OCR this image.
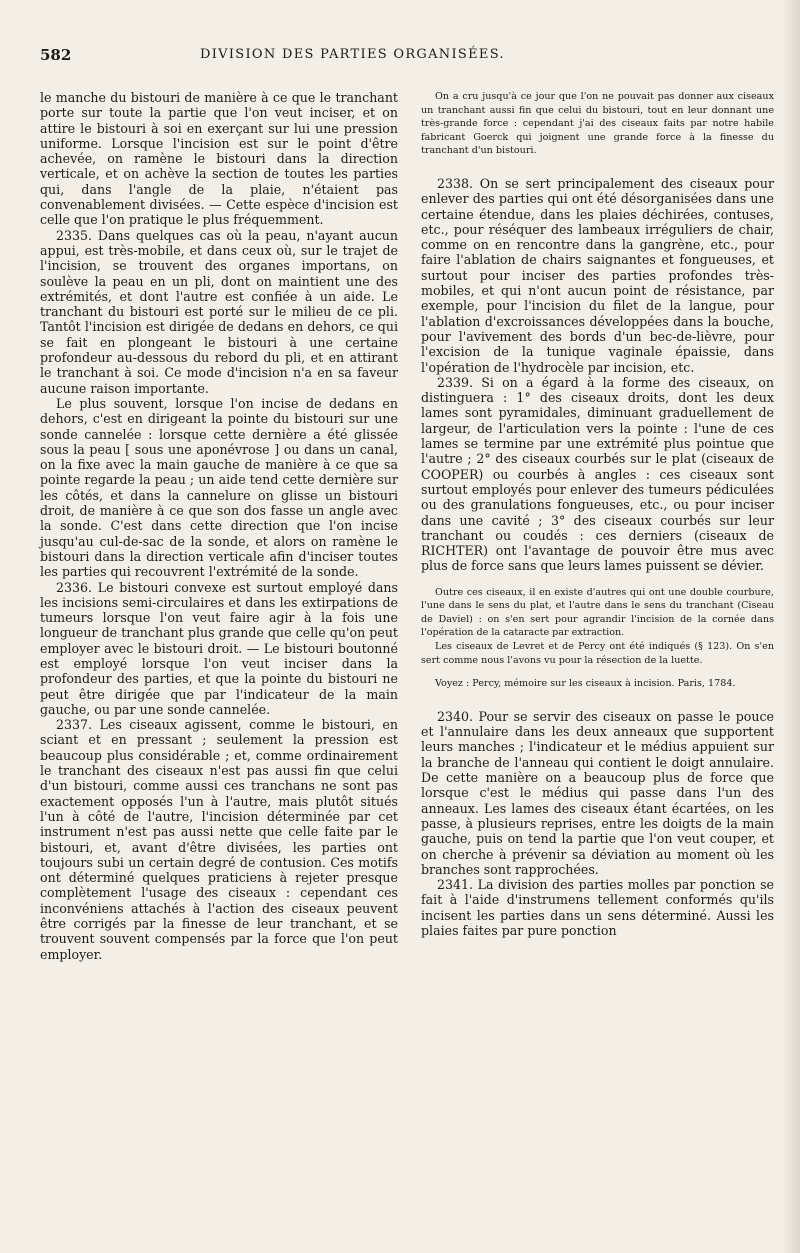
582	DIVISION DES PARTIES ORGANISÉES.

le manche du bistouri de manière à ce que le tranchant porte sur toute la partie que l'on veut inciser, et on attire le bistouri à soi en exerçant sur lui une pression uniforme. Lorsque l'incision est sur le point d'être achevée, on ramène le bistouri dans la direction verticale, et on achève la section de toutes les parties qui, dans l'angle de la plaie, n'étaient pas convenablement divisées. — Cette espèce d'incision est celle que l'on pratique le plus fréquemment.

2335. Dans quelques cas où la peau, n'ayant aucun appui, est très-mobile, et dans ceux où, sur le trajet de l'incision, se trouvent des organes importans, on soulève la peau en un pli, dont on maintient une des extrémités, et dont l'autre est confiée à un aide. Le tranchant du bistouri est porté sur le milieu de ce pli. Tantôt l'incision est dirigée de dedans en dehors, ce qui se fait en plongeant le bistouri à une certaine profondeur au-dessous du rebord du pli, et en attirant le tranchant à soi. Ce mode d'incision n'a en sa faveur aucune raison importante.

Le plus souvent, lorsque l'on incise de dedans en dehors, c'est en dirigeant la pointe du bistouri sur une sonde cannelée : lorsque cette dernière a été glissée sous la peau [ sous une aponévrose ] ou dans un canal, on la fixe avec la main gauche de manière à ce que sa pointe regarde la peau ; un aide tend cette dernière sur les côtés, et dans la cannelure on glisse un bistouri droit, de manière à ce que son dos fasse un angle avec la sonde. C'est dans cette direction que l'on incise jusqu'au cul-de-sac de la sonde, et alors on ramène le bistouri dans la direction verticale afin d'inciser toutes les parties qui recouvrent l'extrémité de la sonde.

2336. Le bistouri convexe est surtout employé dans les incisions semi-circulaires et dans les extirpations de tumeurs lorsque l'on veut faire agir à la fois une longueur de tranchant plus grande que celle qu'on peut employer avec le bistouri droit. — Le bistouri boutonné est employé lorsque l'on veut inciser dans la profondeur des parties, et que la pointe du bistouri ne peut être dirigée que par l'indicateur de la main gauche, ou par une sonde cannelée.

2337. Les ciseaux agissent, comme le bistouri, en sciant et en pressant ; seulement la pression est beaucoup plus considérable ; et, comme ordinairement le tranchant des ciseaux n'est pas aussi fin que celui d'un bistouri, comme aussi ces tranchans ne sont pas exactement opposés l'un à l'autre, mais plutôt situés l'un à côté de l'autre, l'incision déterminée par cet instrument n'est pas aussi nette que celle faite par le bistouri, et, avant d'être divisées, les parties ont toujours subi un certain degré de contusion. Ces motifs ont déterminé quelques praticiens à rejeter presque complètement l'usage des ciseaux : cependant ces inconvéniens attachés à l'action des ciseaux peuvent être corrigés par la finesse de leur tranchant, et se trouvent souvent compensés par la force que l'on peut employer.

On a cru jusqu'à ce jour que l'on ne pouvait pas donner aux ciseaux un tranchant aussi fin que celui du bistouri, tout en leur donnant une très-grande force : cependant j'ai des ciseaux faits par notre habile fabricant Goerck qui joignent une grande force à la finesse du tranchant d'un bistouri.

2338. On se sert principalement des ciseaux pour enlever des parties qui ont été désorganisées dans une certaine étendue, dans les plaies déchirées, contuses, etc., pour réséquer des lambeaux irréguliers de chair, comme on en rencontre dans la gangrène, etc., pour faire l'ablation de chairs saignantes et fongueuses, et surtout pour inciser des parties profondes très-mobiles, et qui n'ont aucun point de résistance, par exemple, pour l'incision du filet de la langue, pour l'ablation d'excroissances développées dans la bouche, pour l'avivement des bords d'un bec-de-lièvre, pour l'excision de la tunique vaginale épaissie, dans l'opération de l'hydrocèle par incision, etc.

2339. Si on a égard à la forme des ciseaux, on distinguera : 1° des ciseaux droits, dont les deux lames sont pyramidales, diminuant graduellement de largeur, de l'articulation vers la pointe : l'une de ces lames se termine par une extrémité plus pointue que l'autre ; 2° des ciseaux courbés sur le plat (ciseaux de COOPER) ou courbés à angles : ces ciseaux sont surtout employés pour enlever des tumeurs pédiculées ou des granulations fongueuses, etc., ou pour inciser dans une cavité ; 3° des ciseaux courbés sur leur tranchant ou coudés : ces derniers (ciseaux de RICHTER) ont l'avantage de pouvoir être mus avec plus de force sans que leurs lames puissent se dévier.

Outre ces ciseaux, il en existe d'autres qui ont une double courbure, l'une dans le sens du plat, et l'autre dans le sens du tranchant (Ciseau de Daviel) : on s'en sert pour agrandir l'incision de la cornée dans l'opération de la cataracte par extraction.

Les ciseaux de Levret et de Percy ont été indiqués (§ 123). On s'en sert comme nous l'avons vu pour la résection de la luette.

Voyez : Percy, mémoire sur les ciseaux à incision. Paris, 1784.

2340. Pour se servir des ciseaux on passe le pouce et l'annulaire dans les deux anneaux que supportent leurs manches ; l'indicateur et le médius appuient sur la branche de l'anneau qui contient le doigt annulaire. De cette manière on a beaucoup plus de force que lorsque c'est le médius qui passe dans l'un des anneaux. Les lames des ciseaux étant écartées, on les passe, à plusieurs reprises, entre les doigts de la main gauche, puis on tend la partie que l'on veut couper, et on cherche à prévenir sa déviation au moment où les branches sont rapprochées.

2341. La division des parties molles par ponction se fait à l'aide d'instrumens tellement conformés qu'ils incisent les parties dans un sens déterminé. Aussi les plaies faites par pure ponction
